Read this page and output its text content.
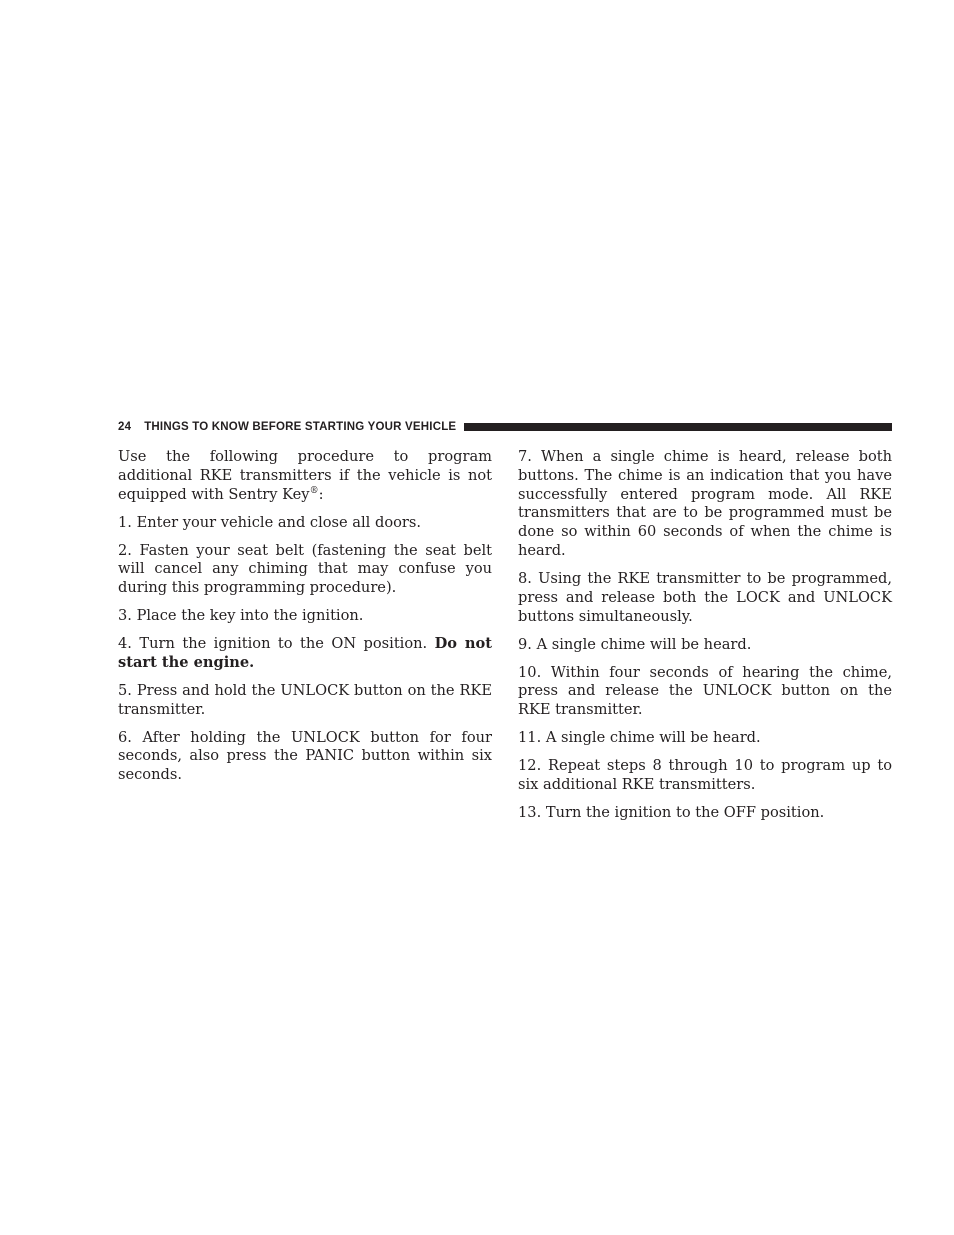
24 THINGS TO KNOW BEFORE STARTING YOUR VEHICLE

Use the following procedure to program additional RKE transmitters if the vehicle is not equipped with Sentry Key®:

1. Enter your vehicle and close all doors.

2. Fasten your seat belt (fastening the seat belt will cancel any chiming that may confuse you during this programming procedure).

3. Place the key into the ignition.

4. Turn the ignition to the ON position. Do not start the engine.

5. Press and hold the UNLOCK button on the RKE transmitter.

6. After holding the UNLOCK button for four seconds, also press the PANIC button within six seconds.

7. When a single chime is heard, release both buttons. The chime is an indication that you have successfully entered program mode. All RKE transmitters that are to be programmed must be done so within 60 seconds of when the chime is heard.

8. Using the RKE transmitter to be programmed, press and release both the LOCK and UNLOCK buttons simultaneously.

9. A single chime will be heard.

10. Within four seconds of hearing the chime, press and release the UNLOCK button on the RKE transmitter.

11. A single chime will be heard.

12. Repeat steps 8 through 10 to program up to six additional RKE transmitters.

13. Turn the ignition to the OFF position.
